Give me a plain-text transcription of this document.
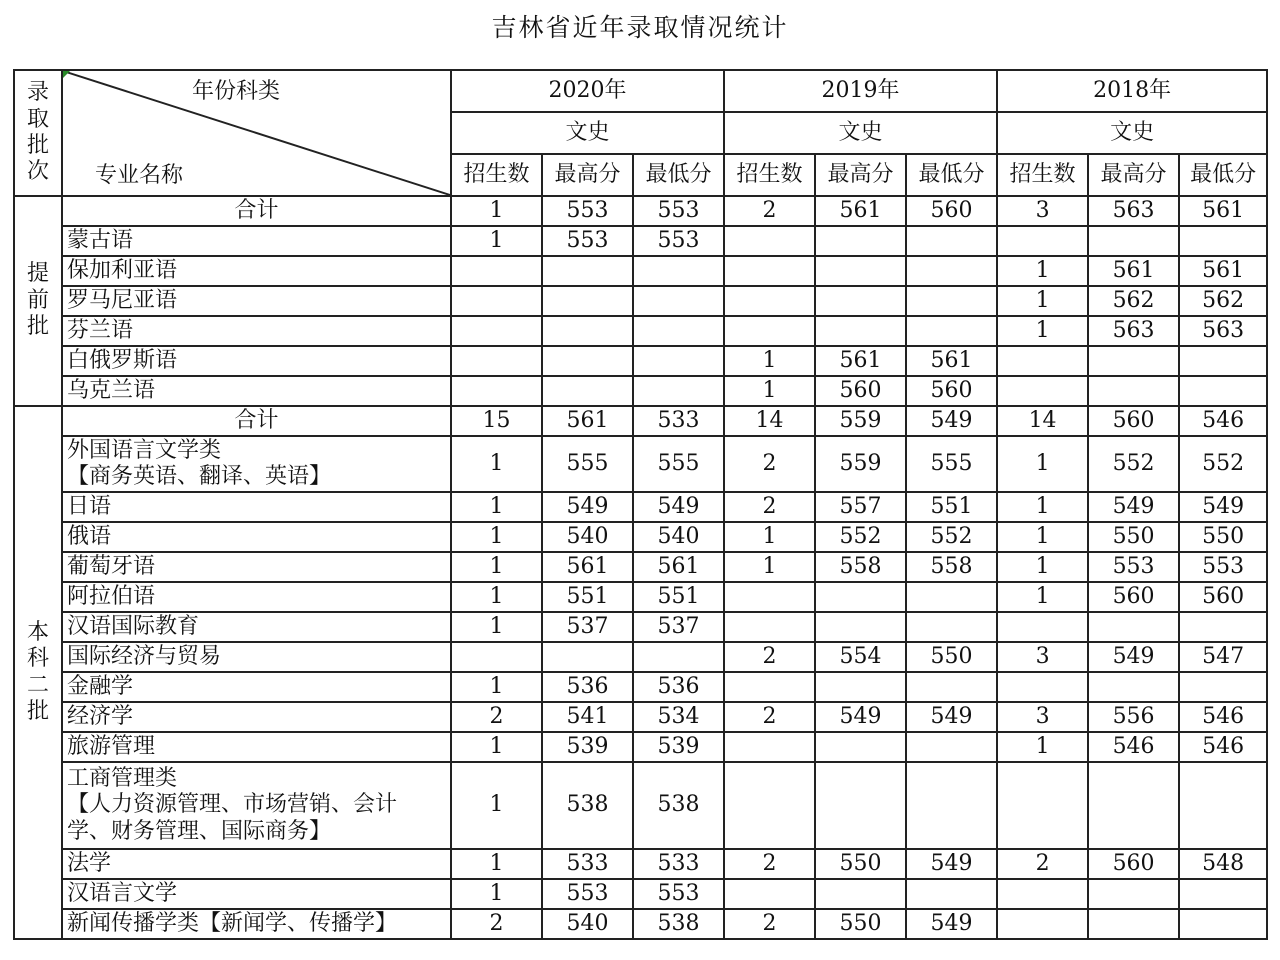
吉林省近年录取情况统计
录
取
批
次	年份科类
专业名称	2020年			2019年			2018年		
		文史			文史			文史		
		招生数	最高分	最低分	招生数	最高分	最低分	招生数	最高分	最低分

提
前
批	合计	1	553	553	2	561	560	3	563	561

	蒙古语	1	553	553						

	保加利亚语							1	561	561

	罗马尼亚语							1	562	562

	芬兰语							1	563	563

	白俄罗斯语				1	561	561			

	乌克兰语				1	560	560			

本
科
二
批	合计	15	561	533	14	559	549	14	560	546

	外国语言文学类
【商务英语、翻译、英语】	1	555	555	2	559	555	1	552	552

	日语	1	549	549	2	557	551	1	549	549

	俄语	1	540	540	1	552	552	1	550	550

	葡萄牙语	1	561	561	1	558	558	1	553	553

	阿拉伯语	1	551	551				1	560	560

	汉语国际教育	1	537	537						

	国际经济与贸易				2	554	550	3	549	547

	金融学	1	536	536						

	经济学	2	541	534	2	549	549	3	556	546

	旅游管理	1	539	539				1	546	546

	工商管理类
【人力资源管理、市场营销、会计
学、财务管理、国际商务】	1	538	538						

	法学	1	533	533	2	550	549	2	560	548

	汉语言文学	1	553	553						

	新闻传播学类【新闻学、传播学】	2	540	538	2	550	549			
